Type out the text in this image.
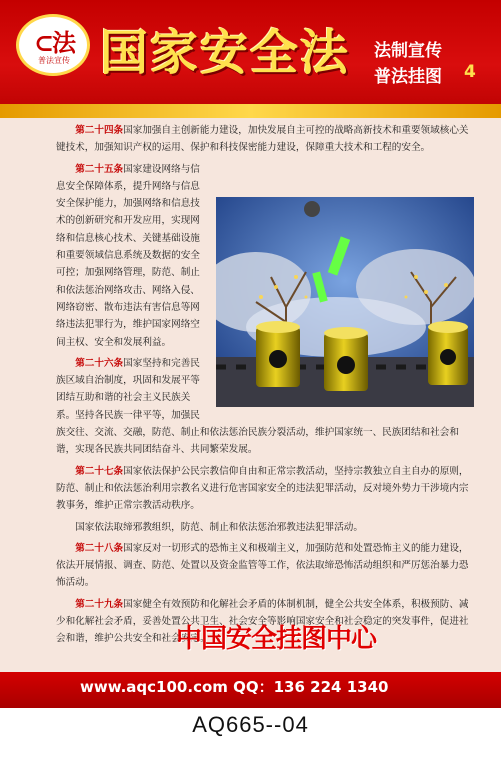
⊂法
普法宣传 国家安全法 法制宣传
普法挂图 4

第二十四条国家加强自主创新能力建设，加快发展自主可控的战略高新技术和重要领域核心关键技术，加强知识产权的运用、保护和科技保密能力建设，保障重大技术和工程的安全。

第二十五条国家建设网络与信息安全保障体系，提升网络与信息安全保护能力，加强网络和信息技术的创新研究和开发应用，实现网络和信息核心技术、关键基础设施和重要领域信息系统及数据的安全可控；加强网络管理，防范、制止和依法惩治网络攻击、网络入侵、网络窃密、散布违法有害信息等网络违法犯罪行为，维护国家网络空间主权、安全和发展利益。

第二十六条国家坚持和完善民族区域自治制度，巩固和发展平等团结互助和谐的社会主义民族关系。坚持各民族一律平等，加强民族交往、交流、交融，防范、制止和依法惩治民族分裂活动，维护国家统一、民族团结和社会和谐，实现各民族共同团结奋斗、共同繁荣发展。

第二十七条国家依法保护公民宗教信仰自由和正常宗教活动，坚持宗教独立自主自办的原则，防范、制止和依法惩治利用宗教名义进行危害国家安全的违法犯罪活动，反对境外势力干涉境内宗教事务，维护正常宗教活动秩序。

国家依法取缔邪教组织，防范、制止和依法惩治邪教违法犯罪活动。

第二十八条国家反对一切形式的恐怖主义和极端主义，加强防范和处置恐怖主义的能力建设，依法开展情报、调查、防范、处置以及资金监管等工作，依法取缔恐怖活动组织和严厉惩治暴力恐怖活动。

第二十九条国家健全有效预防和化解社会矛盾的体制机制，健全公共安全体系，积极预防、减少和化解社会矛盾，妥善处置公共卫生、社会安全等影响国家安全和社会稳定的突发事件，促进社会和谐，维护公共安全和社会安定。

中国安全挂图中心
www.aqc100.com QQ：136 224 1340
AQ665--04
